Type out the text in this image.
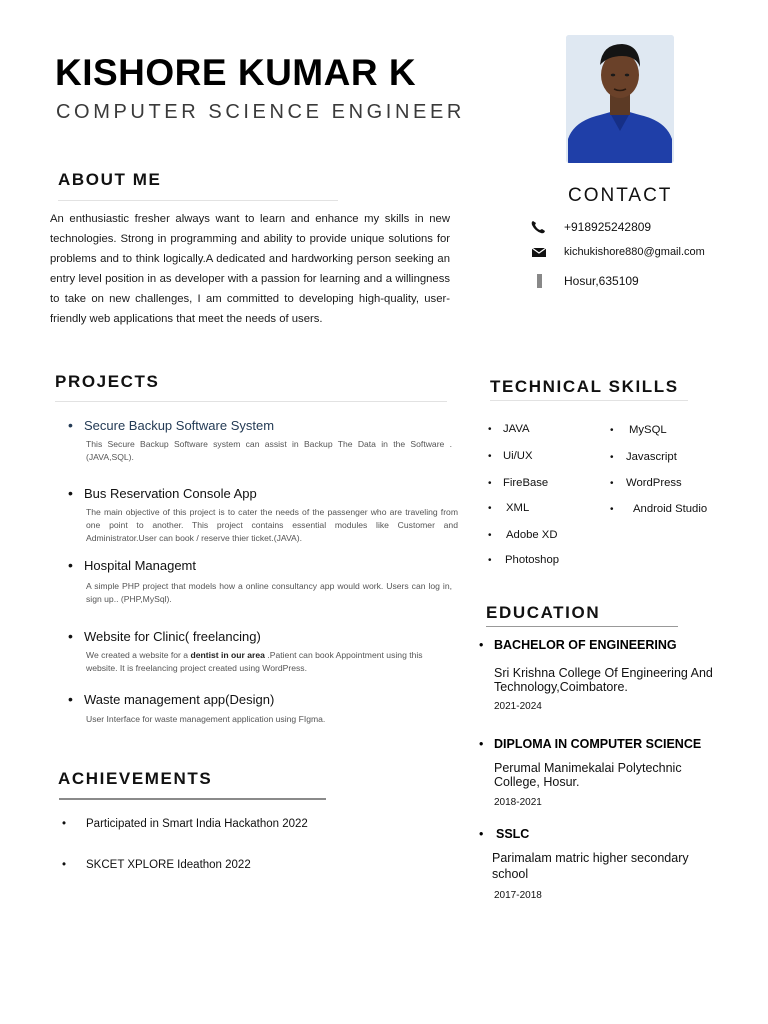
KISHORE KUMAR K
COMPUTER SCIENCE ENGINEER
ABOUT ME
An enthusiastic fresher always want to learn and enhance my skills in new technologies. Strong in programming and ability to provide unique solutions for problems and to think logically.A dedicated and hardworking person seeking an entry level position in as developer with a passion for learning and a willingness to take on new challenges, I am committed to developing high-quality, user-friendly web applications that meet the needs of users.
CONTACT
+918925242809
kichukishore880@gmail.com
Hosur,635109
PROJECTS
• Secure Backup Software System
This Secure Backup Software system can assist in Backup The Data in the Software .(JAVA,SQL).
• Bus Reservation Console App
The main objective of this project is to cater the needs of the passenger who are traveling from one point to another. This project contains essential modules like Customer and Administrator.User can book / reserve thier ticket.(JAVA).
• Hospital Managemt
A simple PHP project that models how a online consultancy app would work. Users can log in, sign up.. (PHP,MySql).
• Website for Clinic( freelancing)
We created a website for a dentist in our area .Patient can book Appointment using this website. It is freelancing project created using WordPress.
• Waste management app(Design)
User Interface for waste management application using FIgma.
ACHIEVEMENTS
• Participated in Smart India Hackathon 2022
• SKCET XPLORE Ideathon 2022
TECHNICAL SKILLS
• JAVA
• Ui/UX
• FireBase
• XML
• Adobe XD
• Photoshop
• MySQL
• Javascript
• WordPress
• Android Studio
EDUCATION
• BACHELOR OF ENGINEERING
Sri Krishna College Of Engineering And Technology,Coimbatore.
2021-2024
• DIPLOMA IN COMPUTER SCIENCE
Perumal Manimekalai Polytechnic College, Hosur.
2018-2021
• SSLC
Parimalam matric higher secondary school
2017-2018
